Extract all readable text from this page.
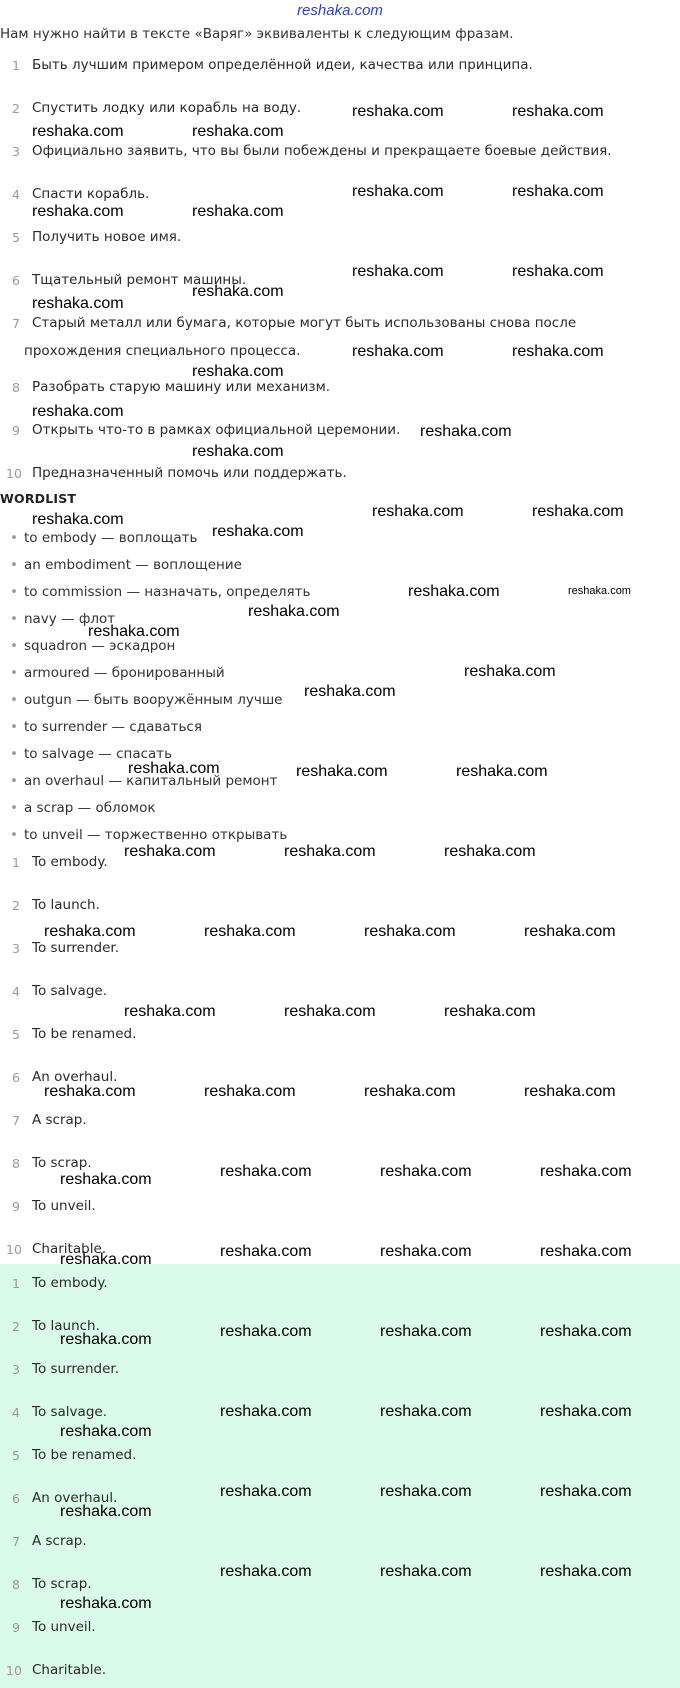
reshaka.com
Нам нужно найти в тексте «Варяг» эквиваленты к следующим фразам.
1 Быть лучшим примером определённой идеи, качества или принципа.
2 Спустить лодку или корабль на воду.
3 Официально заявить, что вы были побеждены и прекращаете боевые действия.
4 Спасти корабль.
5 Получить новое имя.
6 Тщательный ремонт машины.
7 Старый металл или бумага, которые могут быть использованы снова после
прохождения специального процесса.
8 Разобрать старую машину или механизм.
9 Открыть что-то в рамках официальной церемонии.
10 Предназначенный помочь или поддержать.
WORDLIST
• to embody — воплощать
• an embodiment — воплощение
• to commission — назначать, определять
• navy — флот
• squadron — эскадрон
• armoured — бронированный
• outgun — быть вооружённым лучше
• to surrender — сдаваться
• to salvage — спасать
• an overhaul — капитальный ремонт
• a scrap — обломок
• to unveil — торжественно открывать
1 To embody.
2 To launch.
3 To surrender.
4 To salvage.
5 To be renamed.
6 An overhaul.
7 A scrap.
8 To scrap.
9 To unveil.
10 Charitable.
1 To embody.
2 To launch.
3 To surrender.
4 To salvage.
5 To be renamed.
6 An overhaul.
7 A scrap.
8 To scrap.
9 To unveil.
10 Charitable.
reshaka.com	reshaka.com
reshaka.com	reshaka.com
reshaka.com	reshaka.com
reshaka.com	reshaka.com
reshaka.com	reshaka.com
reshaka.com
reshaka.com
reshaka.com	reshaka.com
reshaka.com
reshaka.com
reshaka.com
reshaka.com
reshaka.com	reshaka.com
reshaka.com
reshaka.com
reshaka.com	reshaka.com
reshaka.com
reshaka.com
reshaka.com
reshaka.com
reshaka.com	reshaka.com	reshaka.com
reshaka.com	reshaka.com	reshaka.com
reshaka.com	reshaka.com	reshaka.com	reshaka.com
reshaka.com	reshaka.com	reshaka.com
reshaka.com	reshaka.com	reshaka.com	reshaka.com
reshaka.com	reshaka.com	reshaka.com	reshaka.com
reshaka.com	reshaka.com	reshaka.com
reshaka.com
reshaka.com	reshaka.com	reshaka.com
reshaka.com
reshaka.com	reshaka.com	reshaka.com
reshaka.com
reshaka.com	reshaka.com	reshaka.com
reshaka.com
reshaka.com	reshaka.com	reshaka.com
reshaka.com
